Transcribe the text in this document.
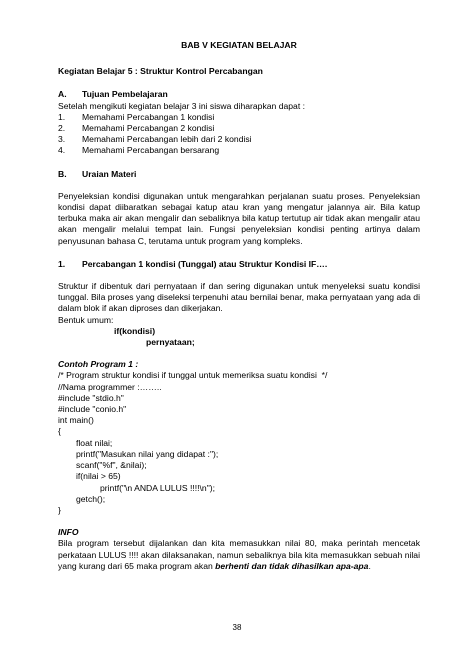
BAB V KEGIATAN BELAJAR
Kegiatan Belajar 5 : Struktur Kontrol Percabangan
A. Tujuan Pembelajaran

Setelah mengikuti kegiatan belajar 3 ini siswa diharapkan dapat :

1.	Memahami Percabangan 1 kondisi
2.	Memahami Percabangan 2 kondisi
3.	Memahami Percabangan lebih dari 2 kondisi
4.	Memahami Percabangan bersarang
B. Uraian Materi

Penyeleksian kondisi digunakan untuk mengarahkan perjalanan suatu proses. Penyeleksian kondisi dapat diibaratkan sebagai katup atau kran yang mengatur jalannya air. Bila katup terbuka maka air akan mengalir dan sebaliknya bila katup tertutup air tidak akan mengalir atau akan mengalir melalui tempat lain. Fungsi penyeleksian kondisi penting artinya dalam penyusunan bahasa C, terutama untuk program yang kompleks.

1. Percabangan 1 kondisi (Tunggal) atau Struktur Kondisi IF….

Struktur if dibentuk dari pernyataan if dan sering digunakan untuk menyeleksi suatu kondisi tunggal. Bila proses yang diseleksi terpenuhi atau bernilai benar, maka pernyataan yang ada di dalam blok if akan diproses dan dikerjakan.

Bentuk umum:

if(kondisi)
pernyataan;
Contoh Program 1 :
/* Program struktur kondisi if tunggal untuk memeriksa suatu kondisi  */
//Nama programmer :……..
#include "stdio.h"
#include "conio.h"
int main()
{
float nilai;
printf("Masukan nilai yang didapat :");
scanf("%f", &nilai);
if(nilai > 65)
printf("\n ANDA LULUS !!!!\n");
getch();
}
INFO

Bila program tersebut dijalankan dan kita memasukkan nilai 80, maka perintah mencetak perkataan LULUS !!!! akan dilaksanakan, namun sebaliknya bila kita memasukkan sebuah nilai yang kurang dari 65 maka program akan berhenti dan tidak dihasilkan apa-apa.

38
